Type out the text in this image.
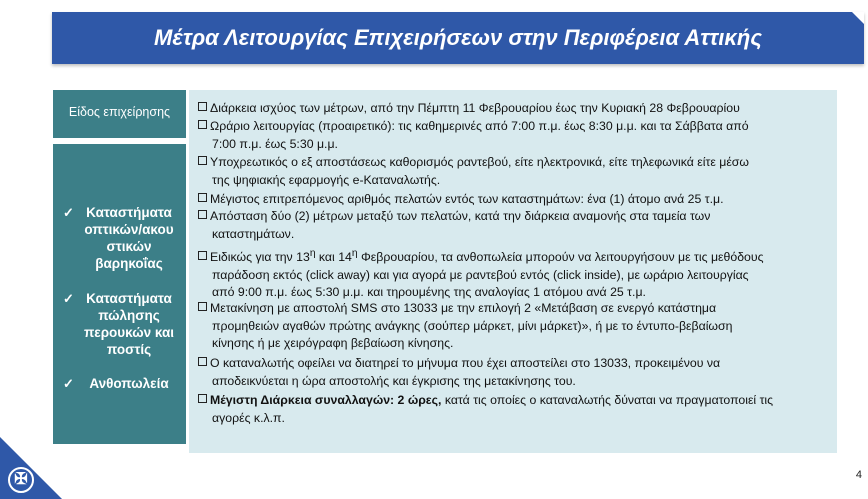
Μέτρα Λειτουργίας Επιχειρήσεων στην Περιφέρεια Αττικής
Είδος επιχείρησης
✓ Καταστήματα
οπτικών/ακου
στικών
βαρηκοΐας
✓ Καταστήματα
πώλησης
περουκών και
ποστίς
✓	Ανθοπωλεία
Διάρκεια ισχύος των μέτρων, από την Πέμπτη 11 Φεβρουαρίου έως την Κυριακή 28 Φεβρουαρίου
Ωράριο λειτουργίας (προαιρετικό): τις καθημερινές από 7:00 π.μ. έως 8:30 μ.μ. και τα Σάββατα από
7:00 π.μ. έως 5:30 μ.μ.
Υποχρεωτικός ο εξ αποστάσεως καθορισμός ραντεβού, είτε ηλεκτρονικά, είτε τηλεφωνικά είτε μέσω
της ψηφιακής εφαρμογής e-Καταναλωτής.
Μέγιστος επιτρεπόμενος αριθμός πελατών εντός των καταστημάτων: ένα (1) άτομο ανά 25 τ.μ.
Απόσταση δύο (2) μέτρων μεταξύ των πελατών, κατά την διάρκεια αναμονής στα ταμεία των
καταστημάτων.
Ειδικώς για την $13^\eta$ και $14^\eta$ Φεβρουαρίου, τα ανθοπωλεία μπορούν να λειτουργήσουν με τις μεθόδους
παράδοση εκτός (click away) και για αγορά με ραντεβού εντός (click inside), με ωράριο λειτουργίας
από 9:00 π.μ. έως 5:30 μ.μ. και τηρουμένης της αναλογίας 1 ατόμου ανά 25 τ.μ.
Μετακίνηση με αποστολή SMS στο 13033 με την επιλογή 2 «Μετάβαση σε ενεργό κατάστημα
προμηθειών αγαθών πρώτης ανάγκης (σούπερ μάρκετ, μίνι μάρκετ)», ή με το έντυπο-βεβαίωση
κίνησης ή με χειρόγραφη βεβαίωση κίνησης.
Ο καταναλωτής οφείλει να διατηρεί το μήνυμα που έχει αποστείλει στο 13033, προκειμένου να
αποδεικνύεται η ώρα αποστολής και έγκρισης της μετακίνησης του.
Μέγιστη Διάρκεια συναλλαγών: 2 ώρες, κατά τις οποίες ο καταναλωτής δύναται να πραγματοποιεί τις
αγορές κ.λ.π.
✠	4
